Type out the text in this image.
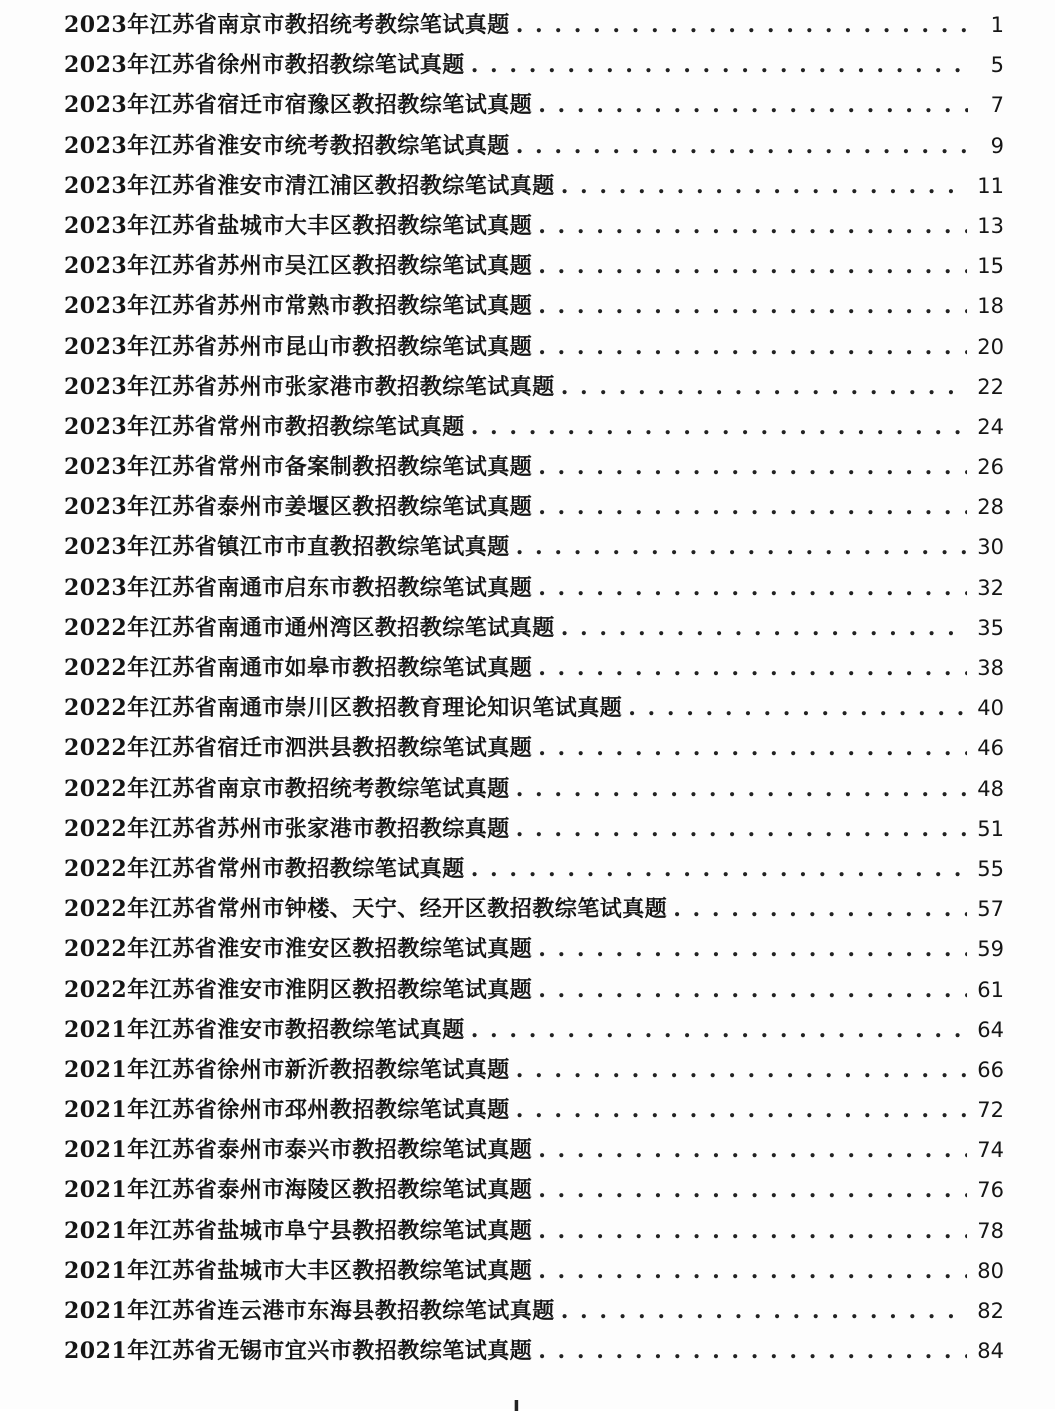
2023年江苏省南京市教招统考教综笔试真题 . . .	1
2023年江苏省徐州市教招教综笔试真题 . . .	5
2023年江苏省宿迁市宿豫区教招教综笔试真题 . . .	7
2023年江苏省淮安市统考教招教综笔试真题 . . .	9
2023年江苏省淮安市清江浦区教招教综笔试真题 . . .	11
2023年江苏省盐城市大丰区教招教综笔试真题 . . .	13
2023年江苏省苏州市吴江区教招教综笔试真题 . . .	15
2023年江苏省苏州市常熟市教招教综笔试真题 . . .	18
2023年江苏省苏州市昆山市教招教综笔试真题 . . .	20
2023年江苏省苏州市张家港市教招教综笔试真题 . . .	22
2023年江苏省常州市教招教综笔试真题 . . .	24
2023年江苏省常州市备案制教招教综笔试真题 . . .	26
2023年江苏省泰州市姜堰区教招教综笔试真题 . . .	28
2023年江苏省镇江市市直教招教综笔试真题 . . .	30
2023年江苏省南通市启东市教招教综笔试真题 . . .	32
2022年江苏省南通市通州湾区教招教综笔试真题 . . .	35
2022年江苏省南通市如皋市教招教综笔试真题 . . .	38
2022年江苏省南通市崇川区教招教育理论知识笔试真题 . . .	40
2022年江苏省宿迁市泗洪县教招教综笔试真题 . . .	46
2022年江苏省南京市教招统考教综笔试真题 . . .	48
2022年江苏省苏州市张家港市教招教综真题 . . .	51
2022年江苏省常州市教招教综笔试真题 . . .	55
2022年江苏省常州市钟楼、天宁、经开区教招教综笔试真题 . . .	57
2022年江苏省淮安市淮安区教招教综笔试真题 . . .	59
2022年江苏省淮安市淮阴区教招教综笔试真题 . . .	61
2021年江苏省淮安市教招教综笔试真题 . . .	64
2021年江苏省徐州市新沂教招教综笔试真题 . . .	66
2021年江苏省徐州市邳州教招教综笔试真题 . . .	72
2021年江苏省泰州市泰兴市教招教综笔试真题 . . .	74
2021年江苏省泰州市海陵区教招教综笔试真题 . . .	76
2021年江苏省盐城市阜宁县教招教综笔试真题 . . .	78
2021年江苏省盐城市大丰区教招教综笔试真题 . . .	80
2021年江苏省连云港市东海县教招教综笔试真题 . . .	82
2021年江苏省无锡市宜兴市教招教综笔试真题 . . .	84
ı
